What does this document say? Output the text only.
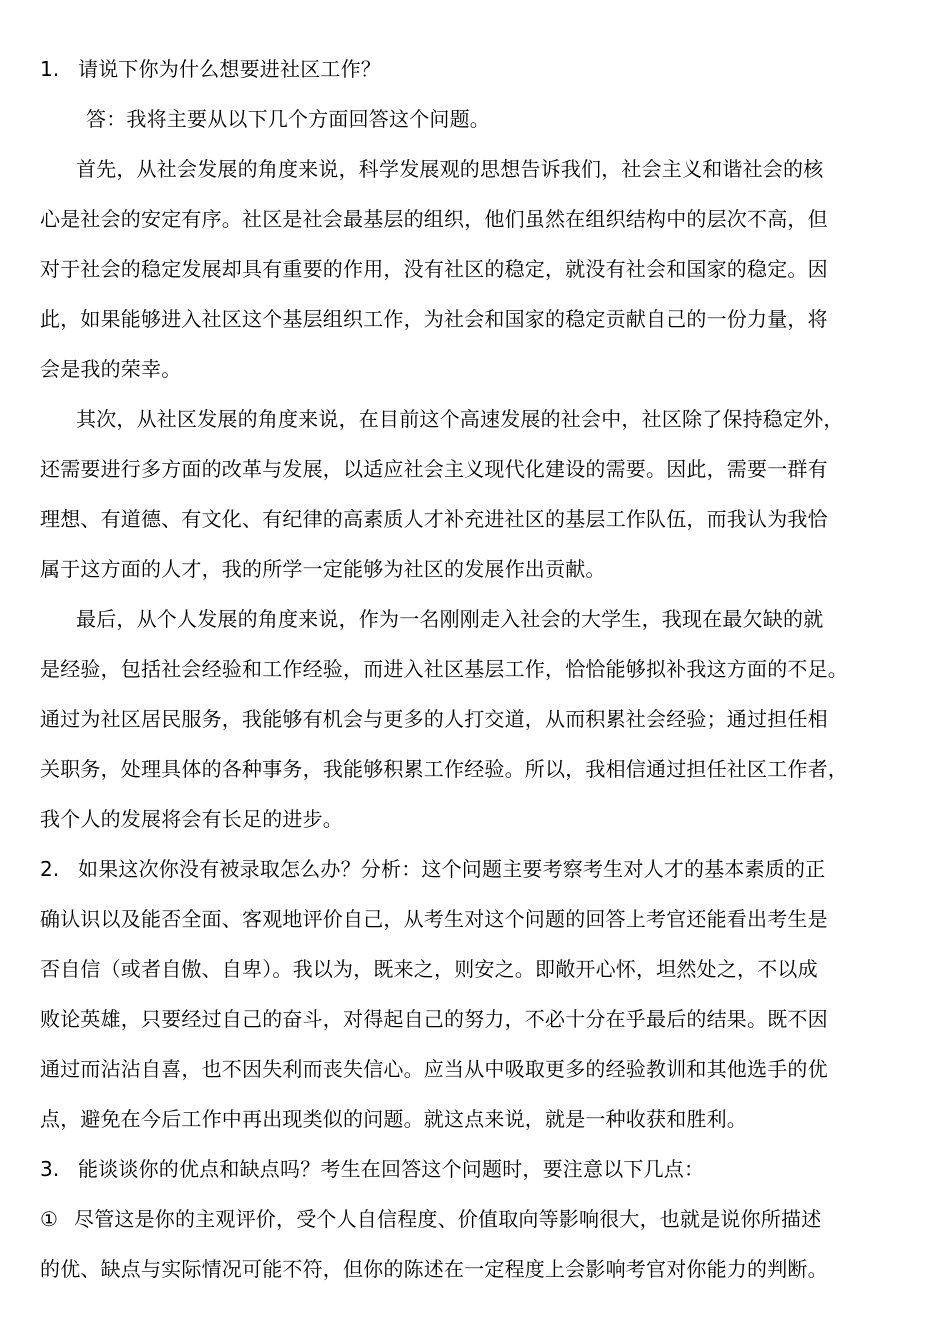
1. 请说下你为什么想要进社区工作？
答：我将主要从以下几个方面回答这个问题。
首先，从社会发展的角度来说，科学发展观的思想告诉我们，社会主义和谐社会的核
心是社会的安定有序。社区是社会最基层的组织，他们虽然在组织结构中的层次不高，但
对于社会的稳定发展却具有重要的作用，没有社区的稳定，就没有社会和国家的稳定。因
此，如果能够进入社区这个基层组织工作，为社会和国家的稳定贡献自己的一份力量，将
会是我的荣幸。
其次，从社区发展的角度来说，在目前这个高速发展的社会中，社区除了保持稳定外，
还需要进行多方面的改革与发展，以适应社会主义现代化建设的需要。因此，需要一群有
理想、有道德、有文化、有纪律的高素质人才补充进社区的基层工作队伍，而我认为我恰
属于这方面的人才，我的所学一定能够为社区的发展作出贡献。
最后，从个人发展的角度来说，作为一名刚刚走入社会的大学生，我现在最欠缺的就
是经验，包括社会经验和工作经验，而进入社区基层工作，恰恰能够拟补我这方面的不足。
通过为社区居民服务，我能够有机会与更多的人打交道，从而积累社会经验；通过担任相
关职务，处理具体的各种事务，我能够积累工作经验。所以，我相信通过担任社区工作者，
我个人的发展将会有长足的进步。
2. 如果这次你没有被录取怎么办？分析：这个问题主要考察考生对人才的基本素质的正
确认识以及能否全面、客观地评价自己，从考生对这个问题的回答上考官还能看出考生是
否自信（或者自傲、自卑）。我以为，既来之，则安之。即敞开心怀，坦然处之，不以成
败论英雄，只要经过自己的奋斗，对得起自己的努力，不必十分在乎最后的结果。既不因
通过而沾沾自喜，也不因失利而丧失信心。应当从中吸取更多的经验教训和其他选手的优
点，避免在今后工作中再出现类似的问题。就这点来说，就是一种收获和胜利。
3. 能谈谈你的优点和缺点吗？考生在回答这个问题时，要注意以下几点：
① 尽管这是你的主观评价，受个人自信程度、价值取向等影响很大，也就是说你所描述
的优、缺点与实际情况可能不符，但你的陈述在一定程度上会影响考官对你能力的判断。
